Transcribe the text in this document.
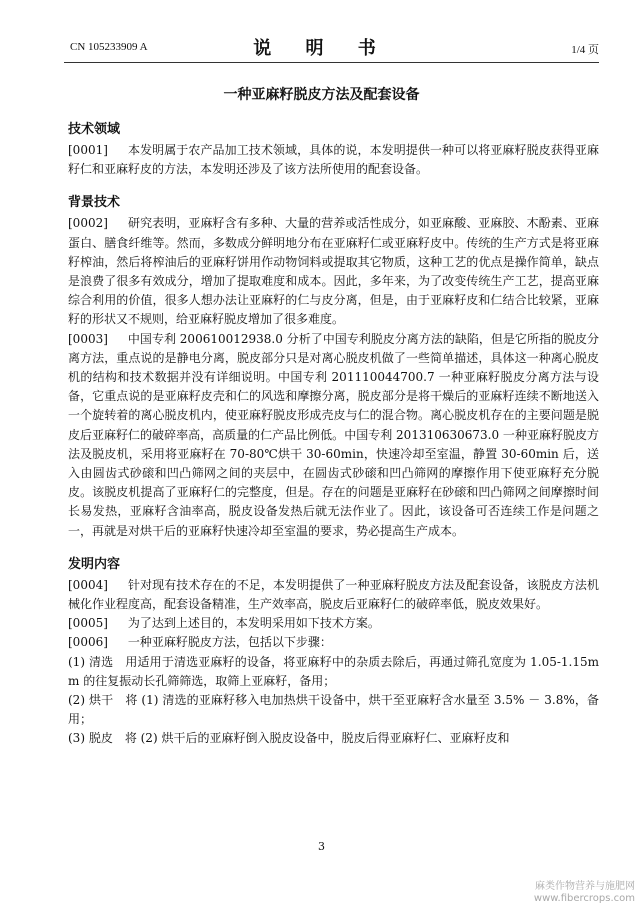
CN 105233909 A	说 明 书	1/4 页
一种亚麻籽脱皮方法及配套设备
技术领域

[0001] 本发明属于农产品加工技术领域，具体的说，本发明提供一种可以将亚麻籽脱皮获得亚麻籽仁和亚麻籽皮的方法，本发明还涉及了该方法所使用的配套设备。

背景技术

[0002] 研究表明，亚麻籽含有多种、大量的营养或活性成分，如亚麻酸、亚麻胶、木酚素、亚麻蛋白、膳食纤维等。然而，多数成分鲜明地分布在亚麻籽仁或亚麻籽皮中。传统的生产方式是将亚麻籽榨油，然后将榨油后的亚麻籽饼用作动物饲料或提取其它物质，这种工艺的优点是操作简单，缺点是浪费了很多有效成分，增加了提取难度和成本。因此，多年来，为了改变传统生产工艺，提高亚麻综合利用的价值，很多人想办法让亚麻籽的仁与皮分离，但是，由于亚麻籽皮和仁结合比较紧，亚麻籽的形状又不规则，给亚麻籽脱皮增加了很多难度。

[0003] 中国专利 200610012938.0 分析了中国专利脱皮分离方法的缺陷，但是它所指的脱皮分离方法，重点说的是静电分离，脱皮部分只是对离心脱皮机做了一些简单描述，具体这一种离心脱皮机的结构和技术数据并没有详细说明。中国专利 201110044700.7 一种亚麻籽脱皮分离方法与设备，它重点说的是亚麻籽皮壳和仁的风选和摩擦分离，脱皮部分是将干燥后的亚麻籽连续不断地送入一个旋转着的离心脱皮机内，使亚麻籽脱皮形成壳皮与仁的混合物。离心脱皮机存在的主要问题是脱皮后亚麻籽仁的破碎率高，高质量的仁产品比例低。中国专利 201310630673.0 一种亚麻籽脱皮方法及脱皮机，采用将亚麻籽在 70-80℃烘干 30-60min，快速冷却至室温，静置 30-60min 后，送入由圆齿式砂磙和凹凸筛网之间的夹层中，在圆齿式砂磙和凹凸筛网的摩擦作用下使亚麻籽充分脱皮。该脱皮机提高了亚麻籽仁的完整度，但是。存在的问题是亚麻籽在砂磙和凹凸筛网之间摩擦时间长易发热，亚麻籽含油率高，脱皮设备发热后就无法作业了。因此，该设备可否连续工作是问题之一，再就是对烘干后的亚麻籽快速冷却至室温的要求，势必提高生产成本。

发明内容

[0004] 针对现有技术存在的不足，本发明提供了一种亚麻籽脱皮方法及配套设备，该脱皮方法机械化作业程度高，配套设备精准，生产效率高，脱皮后亚麻籽仁的破碎率低，脱皮效果好。

[0005] 为了达到上述目的，本发明采用如下技术方案。

[0006] 一种亚麻籽脱皮方法，包括以下步骤：

(1) 清选　用适用于清选亚麻籽的设备，将亚麻籽中的杂质去除后，再通过筛孔宽度为 1.05-1.15mm 的往复振动长孔筛筛选，取筛上亚麻籽，备用；

(2) 烘干　将 (1) 清选的亚麻籽移入电加热烘干设备中，烘干至亚麻籽含水量至 3.5% － 3.8%，备用；

(3) 脱皮　将 (2) 烘干后的亚麻籽倒入脱皮设备中，脱皮后得亚麻籽仁、亚麻籽皮和

3
麻类作物营养与施肥网
www.fibercrops.com
